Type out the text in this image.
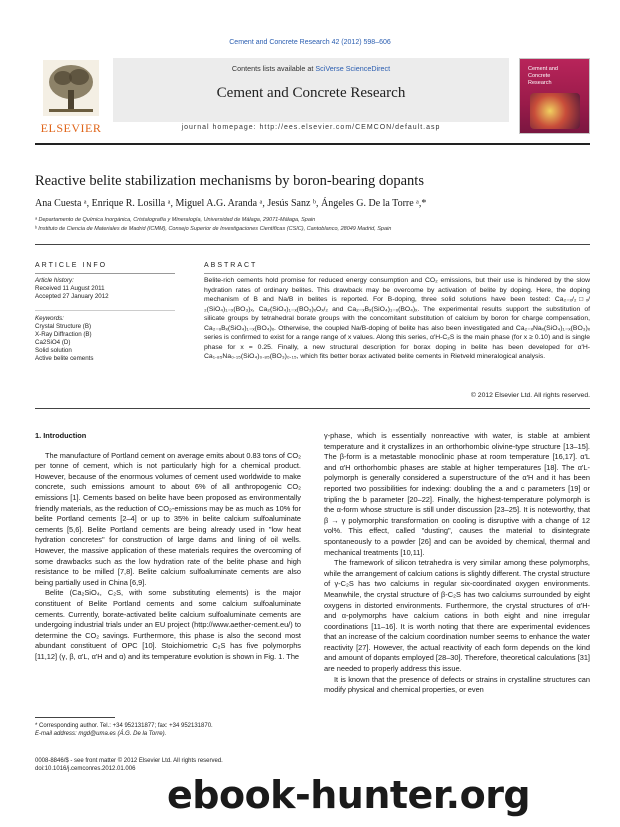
Cement and Concrete Research 42 (2012) 598–606
ELSEVIER
Contents lists available at SciVerse ScienceDirect
Cement and Concrete Research
journal homepage: http://ees.elsevier.com/CEMCON/default.asp
Cement and
Concrete
Research
Reactive belite stabilization mechanisms by boron-bearing dopants
Ana Cuesta ᵃ, Enrique R. Losilla ᵃ, Miguel A.G. Aranda ᵃ, Jesús Sanz ᵇ, Ángeles G. De la Torre ᵃ,*
ᵃ Departamento de Química Inorgánica, Cristalografía y Mineralogía, Universidad de Málaga, 29071-Málaga, Spain
ᵇ Instituto de Ciencia de Materiales de Madrid (ICMM), Consejo Superior de Investigaciones Científicas (CSIC), Cantoblanco, 28049 Madrid, Spain
ARTICLE INFO
Article history:
Received 11 August 2011
Accepted 27 January 2012
Keywords:
Crystal Structure (B)
X-Ray Diffraction (B)
Ca2SiO4 (D)
Solid solution
Active belite cements
ABSTRACT
Belite-rich cements hold promise for reduced energy consumption and CO₂ emissions, but their use is hindered by the slow hydration rates of ordinary belites. This drawback may be overcome by activation of belite by doping. Here, the doping mechanism of B and Na/B in belites is reported. For B-doping, three solid solutions have been tested: Ca₂₋ₓ/₂□ₓ/₂(SiO₄)₁₋ₓ(BO₃)ₓ, Ca₂(SiO₄)₁₋ₓ(BO₃)ₓOₓ/₂ and Ca₂₋ₓBₓ(SiO₄)₁₋ₓ(BO₄)ₓ. The experimental results support the substitution of silicate groups by tetrahedral borate groups with the concomitant substitution of calcium by boron for charge compensation, Ca₂₋ₓBₓ(SiO₄)₁₋ₓ(BO₄)ₓ. Otherwise, the coupled Na/B-doping of belite has also been investigated and Ca₂₋ₓNaₓ(SiO₄)₁₋ₓ(BO₃)ₓ series is confirmed to exist for a range range of x values. Along this series, α'H-C₂S is the main phase (for x ≥ 0.10) and is single phase for x = 0.25. Finally, a new structural description for borax doping in belite has been developed for α'H-Ca₁.₈₅Na₀.₁₅(SiO₄)₀.₈₅(BO₃)₀.₁₅, which fits better borax activated belite cements in Rietveld mineralogical analysis.
© 2012 Elsevier Ltd. All rights reserved.

1. Introduction

The manufacture of Portland cement on average emits about 0.83 tons of CO₂ per tonne of cement, which is not particularly high for a chemical product. However, because of the enormous volumes of cement used worldwide to make concrete, such emissions amount to about 6% of all anthropogenic CO₂ emissions [1]. Cements based on belite have been proposed as environmentally friendly materials, as the reduction of CO₂-emissions may be as much as 10% for belite Portland cements [2–4] or up to 35% in belite calcium sulfoaluminate cements [5,6]. Belite Portland cements are being already used in "low heat hydration concretes" for construction of large dams and lining of oil wells. However, the massive application of these materials requires the overcoming of some drawbacks such as the low hydration rate of the belite phase and high resistance to be milled [7,8]. Belite calcium sulfoaluminate cements are also being partially used in China [6,9].

Belite (Ca₂SiO₄, C₂S, with some substituting elements) is the major constituent of Belite Portland cements and some calcium sulfoaluminate cements. Currently, borate-activated belite calcium sulfoaluminate cements are undergoing industrial trials under an EU project (http://www.aether-cement.eu/) to determine the CO₂ savings. Furthermore, this phase is also the second most abundant constituent of OPC [10]. Stoichiometric C₂S has five polymorphs [11,12] (γ, β, α'L, α'H and α) and its temperature evolution is shown in Fig. 1. The

γ-phase, which is essentially nonreactive with water, is stable at ambient temperature and it crystallizes in an orthorhombic olivine-type structure [13–15]. The β-form is a metastable monoclinic phase at room temperature [16,17]. α'L and α'H orthorhombic phases are stable at higher temperatures [18]. The α'L-polymorph is generally considered a superstructure of the α'H and it has been reported two possibilities for indexing: doubling the a and c parameters [19] or tripling the b parameter [20–22]. Finally, the highest-temperature polymorph is the α-form whose structure is still under discussion [23–25]. It is noteworthy, that β → γ polymorphic transformation on cooling is disruptive with a change of 12 vol%. This effect, called "dusting", causes the material to disintegrate spontaneously to a powder [26] and can be avoided by chemical, thermal and mechanical treatments [10,11].

The framework of silicon tetrahedra is very similar among these polymorphs, while the arrangement of calcium cations is slightly different. The crystal structure of γ-C₂S has two calciums in regular six-coordinated oxygen environments. Meanwhile, the crystal structure of β-C₂S has two calciums surrounded by eight oxygens in distorted environments. Furthermore, the crystal structures of α'H- and α-polymorphs have calcium cations in both eight and nine irregular coordinations [11–16]. It is worth noting that there are experimental evidences that an increase of the calcium coordination number seems to enhance the water reactivity [27]. However, the actual reactivity of each form depends on the kind and amount of dopants employed [28–30]. Therefore, theoretical calculations [31] are needed to properly address this issue.

It is known that the presence of defects or strains in crystalline structures can modify physical and chemical properties, or even

* Corresponding author. Tel.: +34 952131877; fax: +34 952131870.
E-mail address: mgd@uma.es (Á.G. De la Torre).
0008-8846/$ - see front matter © 2012 Elsevier Ltd. All rights reserved.
doi:10.1016/j.cemconres.2012.01.006
ebook-hunter.org
